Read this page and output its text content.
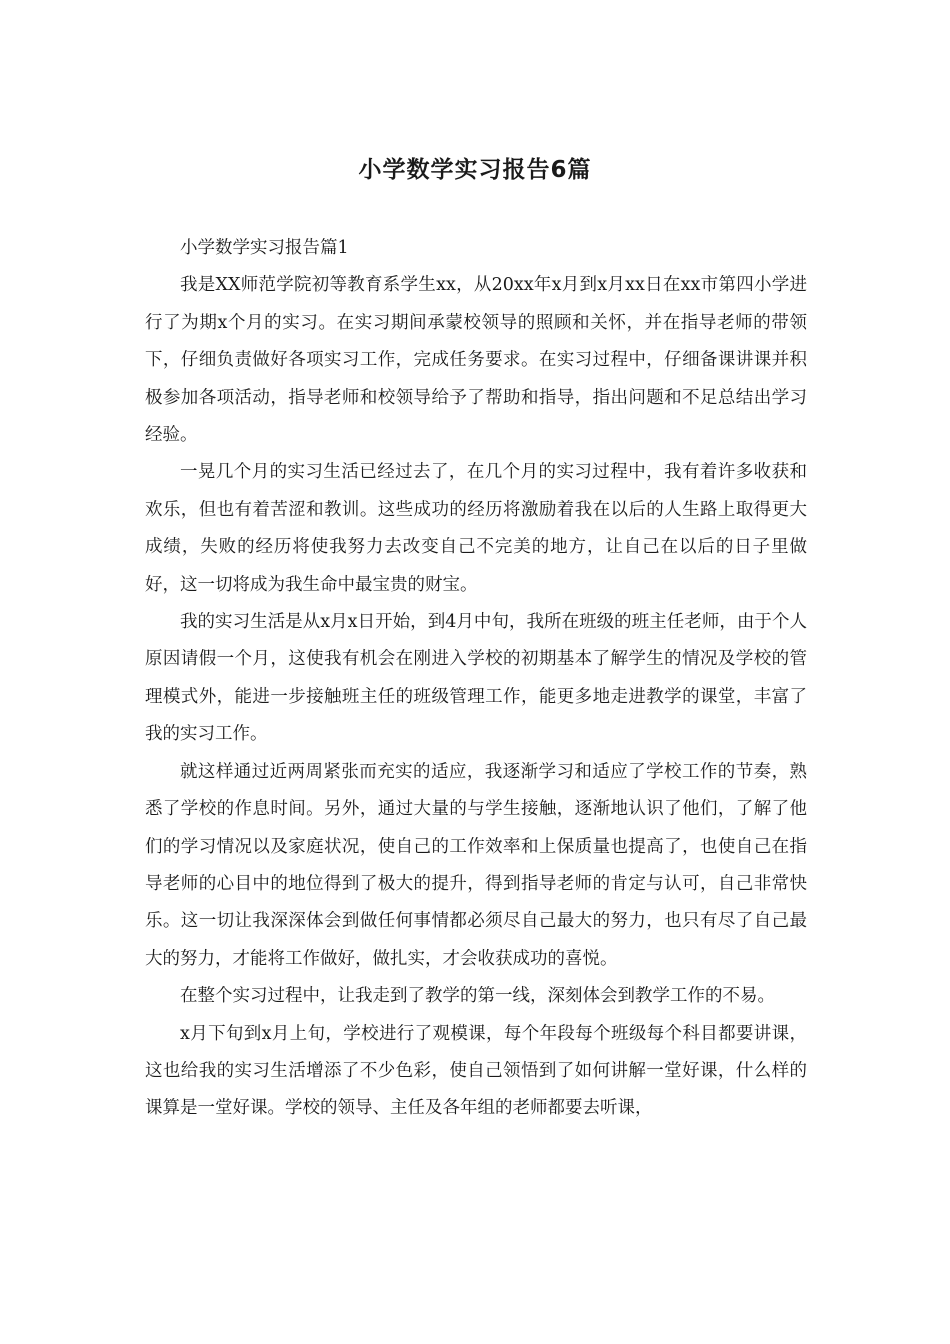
小学数学实习报告6篇

小学数学实习报告篇1

我是XX师范学院初等教育系学生xx，从20xx年x月到x月xx日在xx市第四小学进行了为期x个月的实习。在实习期间承蒙校领导的照顾和关怀，并在指导老师的带领下，仔细负责做好各项实习工作，完成任务要求。在实习过程中，仔细备课讲课并积极参加各项活动，指导老师和校领导给予了帮助和指导，指出问题和不足总结出学习经验。

一晃几个月的实习生活已经过去了，在几个月的实习过程中，我有着许多收获和欢乐，但也有着苦涩和教训。这些成功的经历将激励着我在以后的人生路上取得更大成绩，失败的经历将使我努力去改变自己不完美的地方，让自己在以后的日子里做好，这一切将成为我生命中最宝贵的财宝。

我的实习生活是从x月x日开始，到4月中旬，我所在班级的班主任老师，由于个人原因请假一个月，这使我有机会在刚进入学校的初期基本了解学生的情况及学校的管理模式外，能进一步接触班主任的班级管理工作，能更多地走进教学的课堂，丰富了我的实习工作。

就这样通过近两周紧张而充实的适应，我逐渐学习和适应了学校工作的节奏，熟悉了学校的作息时间。另外，通过大量的与学生接触，逐渐地认识了他们，了解了他们的学习情况以及家庭状况，使自己的工作效率和上保质量也提高了，也使自己在指导老师的心目中的地位得到了极大的提升，得到指导老师的肯定与认可，自己非常快乐。这一切让我深深体会到做任何事情都必须尽自己最大的努力，也只有尽了自己最大的努力，才能将工作做好，做扎实，才会收获成功的喜悦。

在整个实习过程中，让我走到了教学的第一线，深刻体会到教学工作的不易。

x月下旬到x月上旬，学校进行了观模课，每个年段每个班级每个科目都要讲课，这也给我的实习生活增添了不少色彩，使自己领悟到了如何讲解一堂好课，什么样的课算是一堂好课。学校的领导、主任及各年组的老师都要去听课，
